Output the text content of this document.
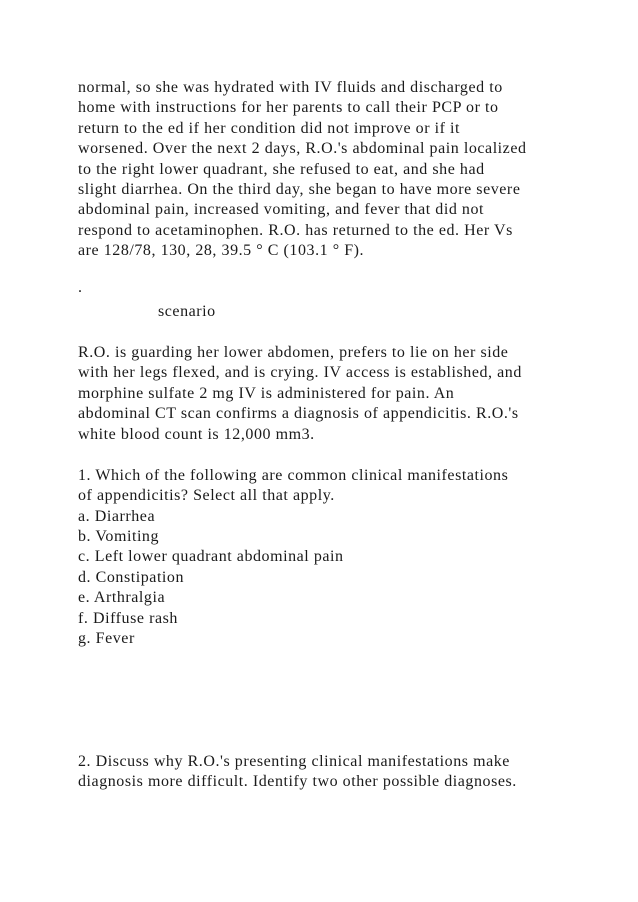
normal, so she was hydrated with IV fluids and discharged to
home with instructions for her parents to call their PCP or to
return to the ed if her condition did not improve or if it
worsened. Over the next 2 days, R.O.'s abdominal pain localized
to the right lower quadrant, she refused to eat, and she had
slight diarrhea. On the third day, she began to have more severe
abdominal pain, increased vomiting, and fever that did not
respond to acetaminophen. R.O. has returned to the ed. Her Vs
are 128/78, 130, 28, 39.5 ° C (103.1 ° F).
.
scenario
R.O. is guarding her lower abdomen, prefers to lie on her side
with her legs flexed, and is crying. IV access is established, and
morphine sulfate 2 mg IV is administered for pain. An
abdominal CT scan confirms a diagnosis of appendicitis. R.O.'s
white blood count is 12,000 mm3.
1. Which of the following are common clinical manifestations
of appendicitis? Select all that apply.
a. Diarrhea
b. Vomiting
c. Left lower quadrant abdominal pain
d. Constipation
e. Arthralgia
f. Diffuse rash
g. Fever
2. Discuss why R.O.'s presenting clinical manifestations make
diagnosis more difficult. Identify two other possible diagnoses.
